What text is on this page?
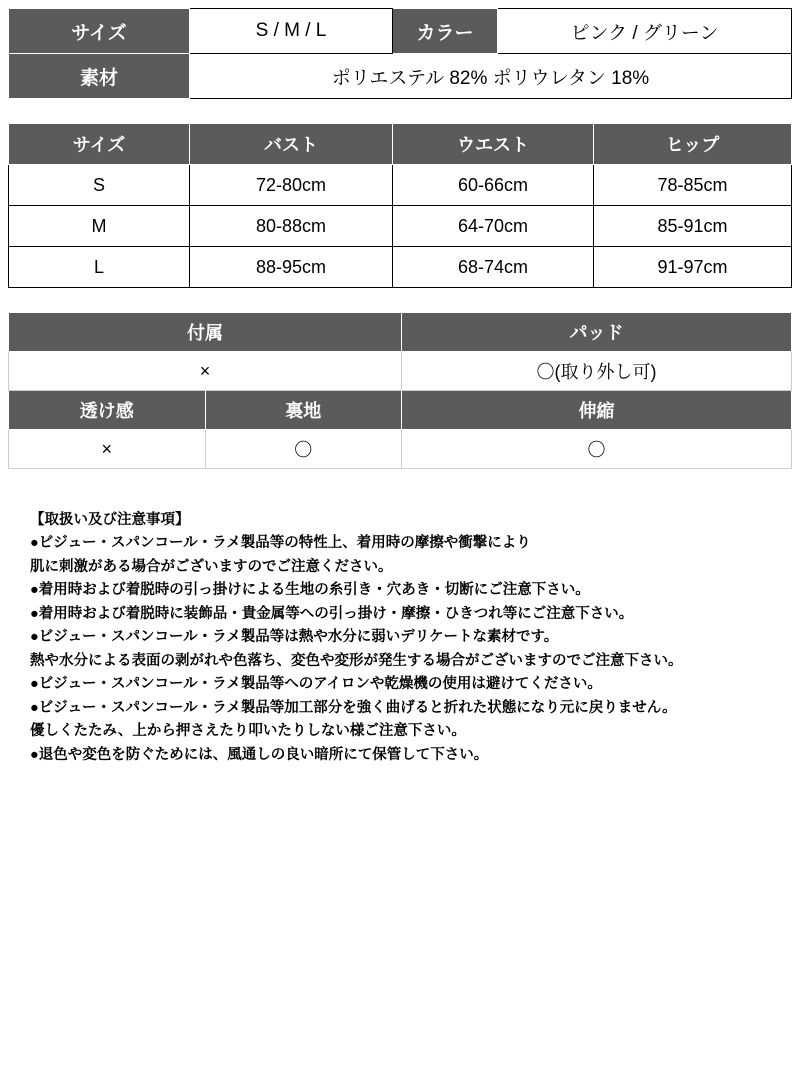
サイズ	S / M / L	カラー	ピンク / グリーン
素材	ポリエステル 82% ポリウレタン 18%		
サイズ	バスト	ウエスト	ヒップ
S	72-80cm	60-66cm	78-85cm
M	80-88cm	64-70cm	85-91cm
L	88-95cm	68-74cm	91-97cm
付属		パッド
×		〇(取り外し可)
透け感	裏地	伸縮
×	〇	〇
【取扱い及び注意事項】
●ビジュー・スパンコール・ラメ製品等の特性上、着用時の摩擦や衝撃により
肌に刺激がある場合がございますのでご注意ください。
●着用時および着脱時の引っ掛けによる生地の糸引き・穴あき・切断にご注意下さい。
●着用時および着脱時に装飾品・貴金属等への引っ掛け・摩擦・ひきつれ等にご注意下さい。
●ビジュー・スパンコール・ラメ製品等は熱や水分に弱いデリケートな素材です。
熱や水分による表面の剥がれや色落ち、変色や変形が発生する場合がございますのでご注意下さい。
●ビジュー・スパンコール・ラメ製品等へのアイロンや乾燥機の使用は避けてください。
●ビジュー・スパンコール・ラメ製品等加工部分を強く曲げると折れた状態になり元に戻りません。
優しくたたみ、上から押さえたり叩いたりしない様ご注意下さい。
●退色や変色を防ぐためには、風通しの良い暗所にて保管して下さい。
